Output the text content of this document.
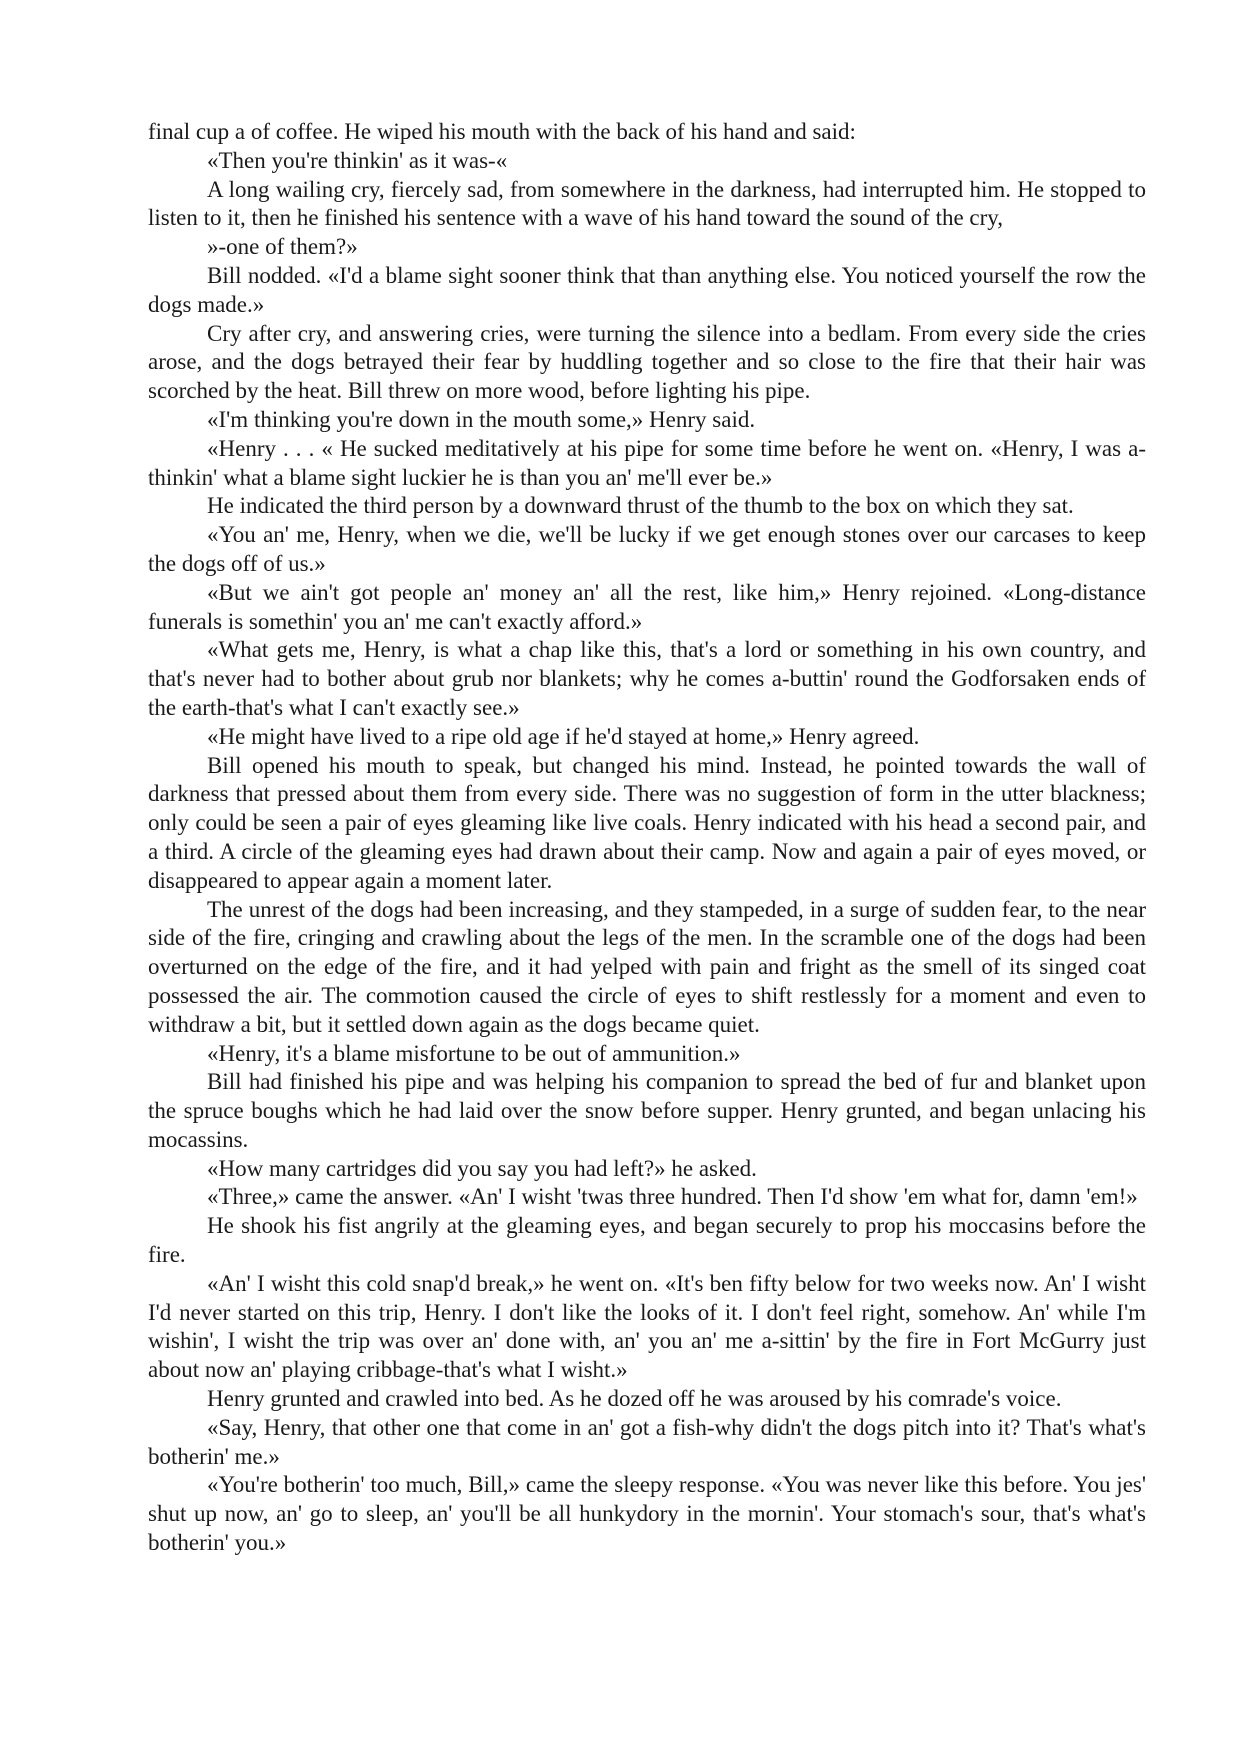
final cup a of coffee. He wiped his mouth with the back of his hand and said:

«Then you're thinkin' as it was-«

A long wailing cry, fiercely sad, from somewhere in the darkness, had interrupted him. He stopped to listen to it, then he finished his sentence with a wave of his hand toward the sound of the cry,

»-one of them?»

Bill nodded. «I'd a blame sight sooner think that than anything else. You noticed yourself the row the dogs made.»

Cry after cry, and answering cries, were turning the silence into a bedlam. From every side the cries arose, and the dogs betrayed their fear by huddling together and so close to the fire that their hair was scorched by the heat. Bill threw on more wood, before lighting his pipe.

«I'm thinking you're down in the mouth some,» Henry said.

«Henry . . . « He sucked meditatively at his pipe for some time before he went on. «Henry, I was a-thinkin' what a blame sight luckier he is than you an' me'll ever be.»

He indicated the third person by a downward thrust of the thumb to the box on which they sat.

«You an' me, Henry, when we die, we'll be lucky if we get enough stones over our carcases to keep the dogs off of us.»

«But we ain't got people an' money an' all the rest, like him,» Henry rejoined. «Long-distance funerals is somethin' you an' me can't exactly afford.»

«What gets me, Henry, is what a chap like this, that's a lord or something in his own country, and that's never had to bother about grub nor blankets; why he comes a-buttin' round the Godforsaken ends of the earth-that's what I can't exactly see.»

«He might have lived to a ripe old age if he'd stayed at home,» Henry agreed.

Bill opened his mouth to speak, but changed his mind. Instead, he pointed towards the wall of darkness that pressed about them from every side. There was no suggestion of form in the utter blackness; only could be seen a pair of eyes gleaming like live coals. Henry indicated with his head a second pair, and a third. A circle of the gleaming eyes had drawn about their camp. Now and again a pair of eyes moved, or disappeared to appear again a moment later.

The unrest of the dogs had been increasing, and they stampeded, in a surge of sudden fear, to the near side of the fire, cringing and crawling about the legs of the men. In the scramble one of the dogs had been overturned on the edge of the fire, and it had yelped with pain and fright as the smell of its singed coat possessed the air. The commotion caused the circle of eyes to shift restlessly for a moment and even to withdraw a bit, but it settled down again as the dogs became quiet.

«Henry, it's a blame misfortune to be out of ammunition.»

Bill had finished his pipe and was helping his companion to spread the bed of fur and blanket upon the spruce boughs which he had laid over the snow before supper. Henry grunted, and began unlacing his mocassins.

«How many cartridges did you say you had left?» he asked.

«Three,» came the answer. «An' I wisht 'twas three hundred. Then I'd show 'em what for, damn 'em!»

He shook his fist angrily at the gleaming eyes, and began securely to prop his moccasins before the fire.

«An' I wisht this cold snap'd break,» he went on. «It's ben fifty below for two weeks now. An' I wisht I'd never started on this trip, Henry. I don't like the looks of it. I don't feel right, somehow. An' while I'm wishin', I wisht the trip was over an' done with, an' you an' me a-sittin' by the fire in Fort McGurry just about now an' playing cribbage-that's what I wisht.»

Henry grunted and crawled into bed. As he dozed off he was aroused by his comrade's voice.

«Say, Henry, that other one that come in an' got a fish-why didn't the dogs pitch into it? That's what's botherin' me.»

«You're botherin' too much, Bill,» came the sleepy response. «You was never like this before. You jes' shut up now, an' go to sleep, an' you'll be all hunkydory in the mornin'. Your stomach's sour, that's what's botherin' you.»
